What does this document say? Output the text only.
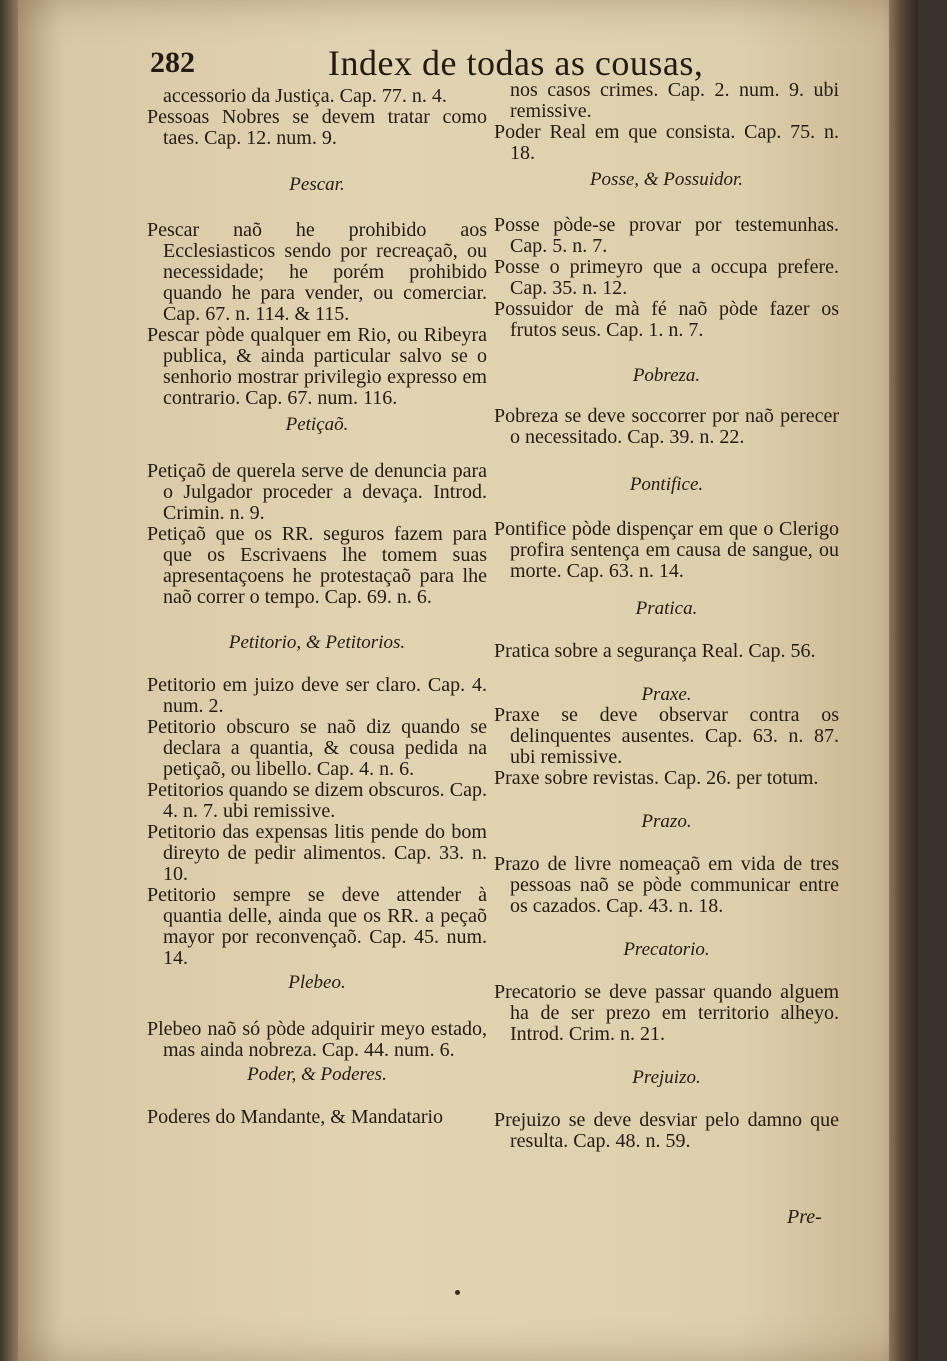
282	Index de todas as cousas,

accessorio da Justiça. Cap. 77. n. 4.

Pessoas Nobres se devem tratar como taes. Cap. 12. num. 9.

Pescar.

Pescar naõ he prohibido aos Ecclesiasticos sendo por recreaçaõ, ou necessidade; he porém prohibido quando he para vender, ou comerciar. Cap. 67. n. 114. & 115.

Pescar pòde qualquer em Rio, ou Ribeyra publica, & ainda particular salvo se o senhorio mostrar privilegio expresso em contrario. Cap. 67. num. 116.

Petiçaõ.

Petiçaõ de querela serve de denuncia para o Julgador proceder a devaça. Introd. Crimin. n. 9.

Petiçaõ que os RR. seguros fazem para que os Escrivaens lhe tomem suas apresentaçoens he protestaçaõ para lhe naõ correr o tempo. Cap. 69. n. 6.

Petitorio, & Petitorios.

Petitorio em juizo deve ser claro. Cap. 4. num. 2.

Petitorio obscuro se naõ diz quando se declara a quantia, & cousa pedida na petiçaõ, ou libello. Cap. 4. n. 6.

Petitorios quando se dizem obscuros. Cap. 4. n. 7. ubi remissive.

Petitorio das expensas litis pende do bom direyto de pedir alimentos. Cap. 33. n. 10.

Petitorio sempre se deve attender à quantia delle, ainda que os RR. a peçaõ mayor por reconvençaõ. Cap. 45. num. 14.

Plebeo.

Plebeo naõ só pòde adquirir meyo estado, mas ainda nobreza. Cap. 44. num. 6.

Poder, & Poderes.

Poderes do Mandante, & Mandatario

nos casos crimes. Cap. 2. num. 9. ubi remissive.

Poder Real em que consista. Cap. 75. n. 18.

Posse, & Possuidor.

Posse pòde-se provar por testemunhas. Cap. 5. n. 7.

Posse o primeyro que a occupa prefere. Cap. 35. n. 12.

Possuidor de mà fé naõ pòde fazer os frutos seus. Cap. 1. n. 7.

Pobreza.

Pobreza se deve soccorrer por naõ perecer o necessitado. Cap. 39. n. 22.

Pontifice.

Pontifice pòde dispençar em que o Clerigo profira sentença em causa de sangue, ou morte. Cap. 63. n. 14.

Pratica.

Pratica sobre a segurança Real. Cap. 56.

Praxe.

Praxe se deve observar contra os delinquentes ausentes. Cap. 63. n. 87. ubi remissive.

Praxe sobre revistas. Cap. 26. per totum.

Prazo.

Prazo de livre nomeaçaõ em vida de tres pessoas naõ se pòde communicar entre os cazados. Cap. 43. n. 18.

Precatorio.

Precatorio se deve passar quando alguem ha de ser prezo em territorio alheyo. Introd. Crim. n. 21.

Prejuizo.

Prejuizo se deve desviar pelo damno que resulta. Cap. 48. n. 59.

Pre-
